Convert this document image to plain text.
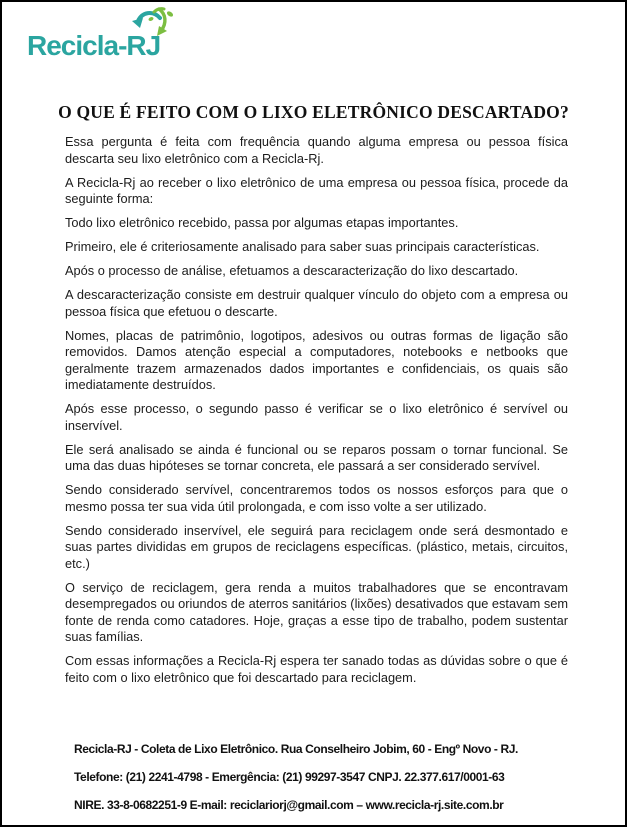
Recicla-RJ
O QUE É FEITO COM O LIXO ELETRÔNICO DESCARTADO?

Essa pergunta é feita com frequência quando alguma empresa ou pessoa física descarta seu lixo eletrônico com a Recicla-Rj.

A Recicla-Rj ao receber o lixo eletrônico de uma empresa ou pessoa física, procede da seguinte forma:

Todo lixo eletrônico recebido, passa por algumas etapas importantes.

Primeiro, ele é criteriosamente analisado para saber suas principais características.

Após o processo de análise, efetuamos a descaracterização do lixo descartado.

A descaracterização consiste em destruir qualquer vínculo do objeto com a empresa ou pessoa física que efetuou o descarte.

Nomes, placas de patrimônio, logotipos, adesivos ou outras formas de ligação são removidos. Damos atenção especial a computadores, notebooks e netbooks que geralmente trazem armazenados dados importantes e confidenciais, os quais são imediatamente destruídos.

Após esse processo, o segundo passo é verificar se o lixo eletrônico é servível ou inservível.

Ele será analisado se ainda é funcional ou se reparos possam o tornar funcional. Se uma das duas hipóteses se tornar concreta, ele passará a ser considerado servível.

Sendo considerado servível, concentraremos todos os nossos esforços para que o mesmo possa ter sua vida útil prolongada, e com isso volte a ser utilizado.

Sendo considerado inservível, ele seguirá para reciclagem onde será desmontado e suas partes divididas em grupos de reciclagens específicas. (plástico, metais, circuitos, etc.)

O serviço de reciclagem, gera renda a muitos trabalhadores que se encontravam desempregados ou oriundos de aterros sanitários (lixões) desativados que estavam sem fonte de renda como catadores. Hoje, graças a esse tipo de trabalho, podem sustentar suas famílias.

Com essas informações a Recicla-Rj espera ter sanado todas as dúvidas sobre o que é feito com o lixo eletrônico que foi descartado para reciclagem.

Recicla-RJ - Coleta de Lixo Eletrônico. Rua Conselheiro Jobim, 60 - Engº Novo - RJ.
Telefone: (21) 2241-4798 - Emergência: (21) 99297-3547 CNPJ. 22.377.617/0001-63
NIRE. 33-8-0682251-9 E-mail: reciclariorj@gmail.com – www.recicla-rj.site.com.br
